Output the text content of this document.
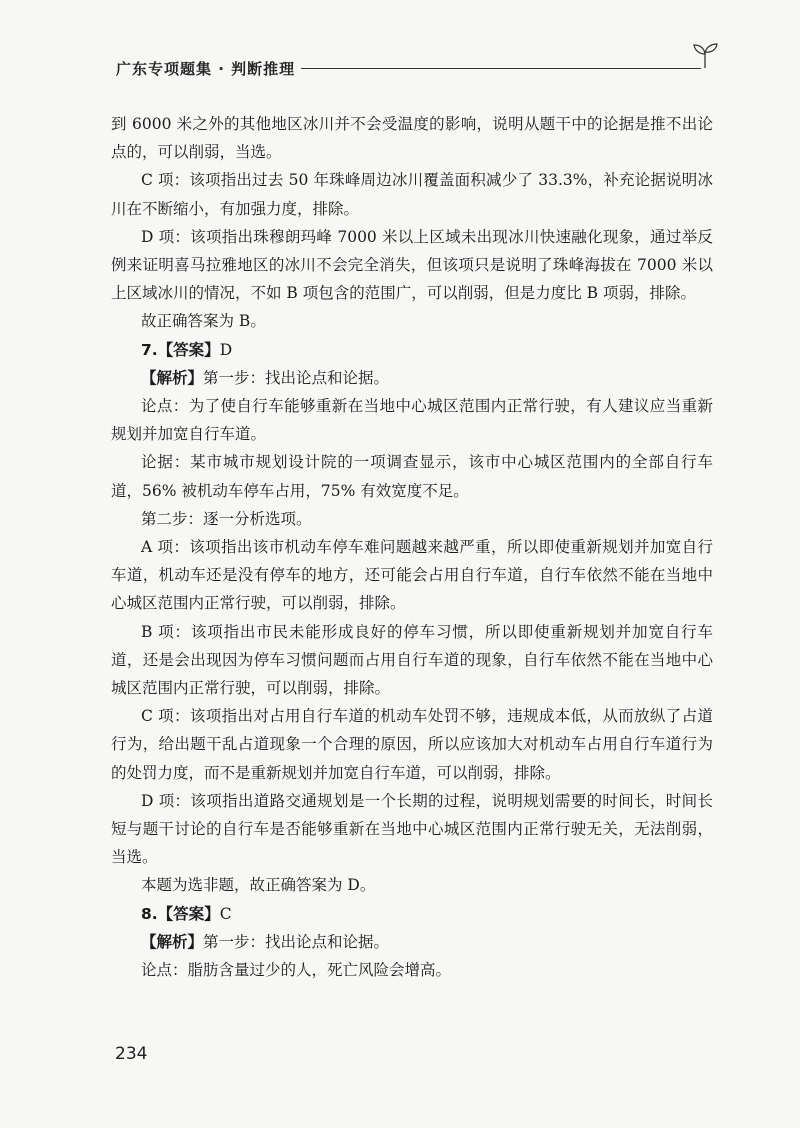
广东专项题集 · 判断推理

到 6000 米之外的其他地区冰川并不会受温度的影响，说明从题干中的论据是推不出论点的，可以削弱，当选。

C 项：该项指出过去 50 年珠峰周边冰川覆盖面积减少了 33.3%，补充论据说明冰川在不断缩小，有加强力度，排除。

D 项：该项指出珠穆朗玛峰 7000 米以上区域未出现冰川快速融化现象，通过举反例来证明喜马拉雅地区的冰川不会完全消失，但该项只是说明了珠峰海拔在 7000 米以上区域冰川的情况，不如 B 项包含的范围广，可以削弱，但是力度比 B 项弱，排除。

故正确答案为 B。

7.【答案】D

【解析】第一步：找出论点和论据。

论点：为了使自行车能够重新在当地中心城区范围内正常行驶，有人建议应当重新规划并加宽自行车道。

论据：某市城市规划设计院的一项调查显示，该市中心城区范围内的全部自行车道，56% 被机动车停车占用，75% 有效宽度不足。

第二步：逐一分析选项。

A 项：该项指出该市机动车停车难问题越来越严重，所以即使重新规划并加宽自行车道，机动车还是没有停车的地方，还可能会占用自行车道，自行车依然不能在当地中心城区范围内正常行驶，可以削弱，排除。

B 项：该项指出市民未能形成良好的停车习惯，所以即使重新规划并加宽自行车道，还是会出现因为停车习惯问题而占用自行车道的现象，自行车依然不能在当地中心城区范围内正常行驶，可以削弱，排除。

C 项：该项指出对占用自行车道的机动车处罚不够，违规成本低，从而放纵了占道行为，给出题干乱占道现象一个合理的原因，所以应该加大对机动车占用自行车道行为的处罚力度，而不是重新规划并加宽自行车道，可以削弱，排除。

D 项：该项指出道路交通规划是一个长期的过程，说明规划需要的时间长，时间长短与题干讨论的自行车是否能够重新在当地中心城区范围内正常行驶无关，无法削弱，当选。

本题为选非题，故正确答案为 D。

8.【答案】C

【解析】第一步：找出论点和论据。

论点：脂肪含量过少的人，死亡风险会增高。

234
